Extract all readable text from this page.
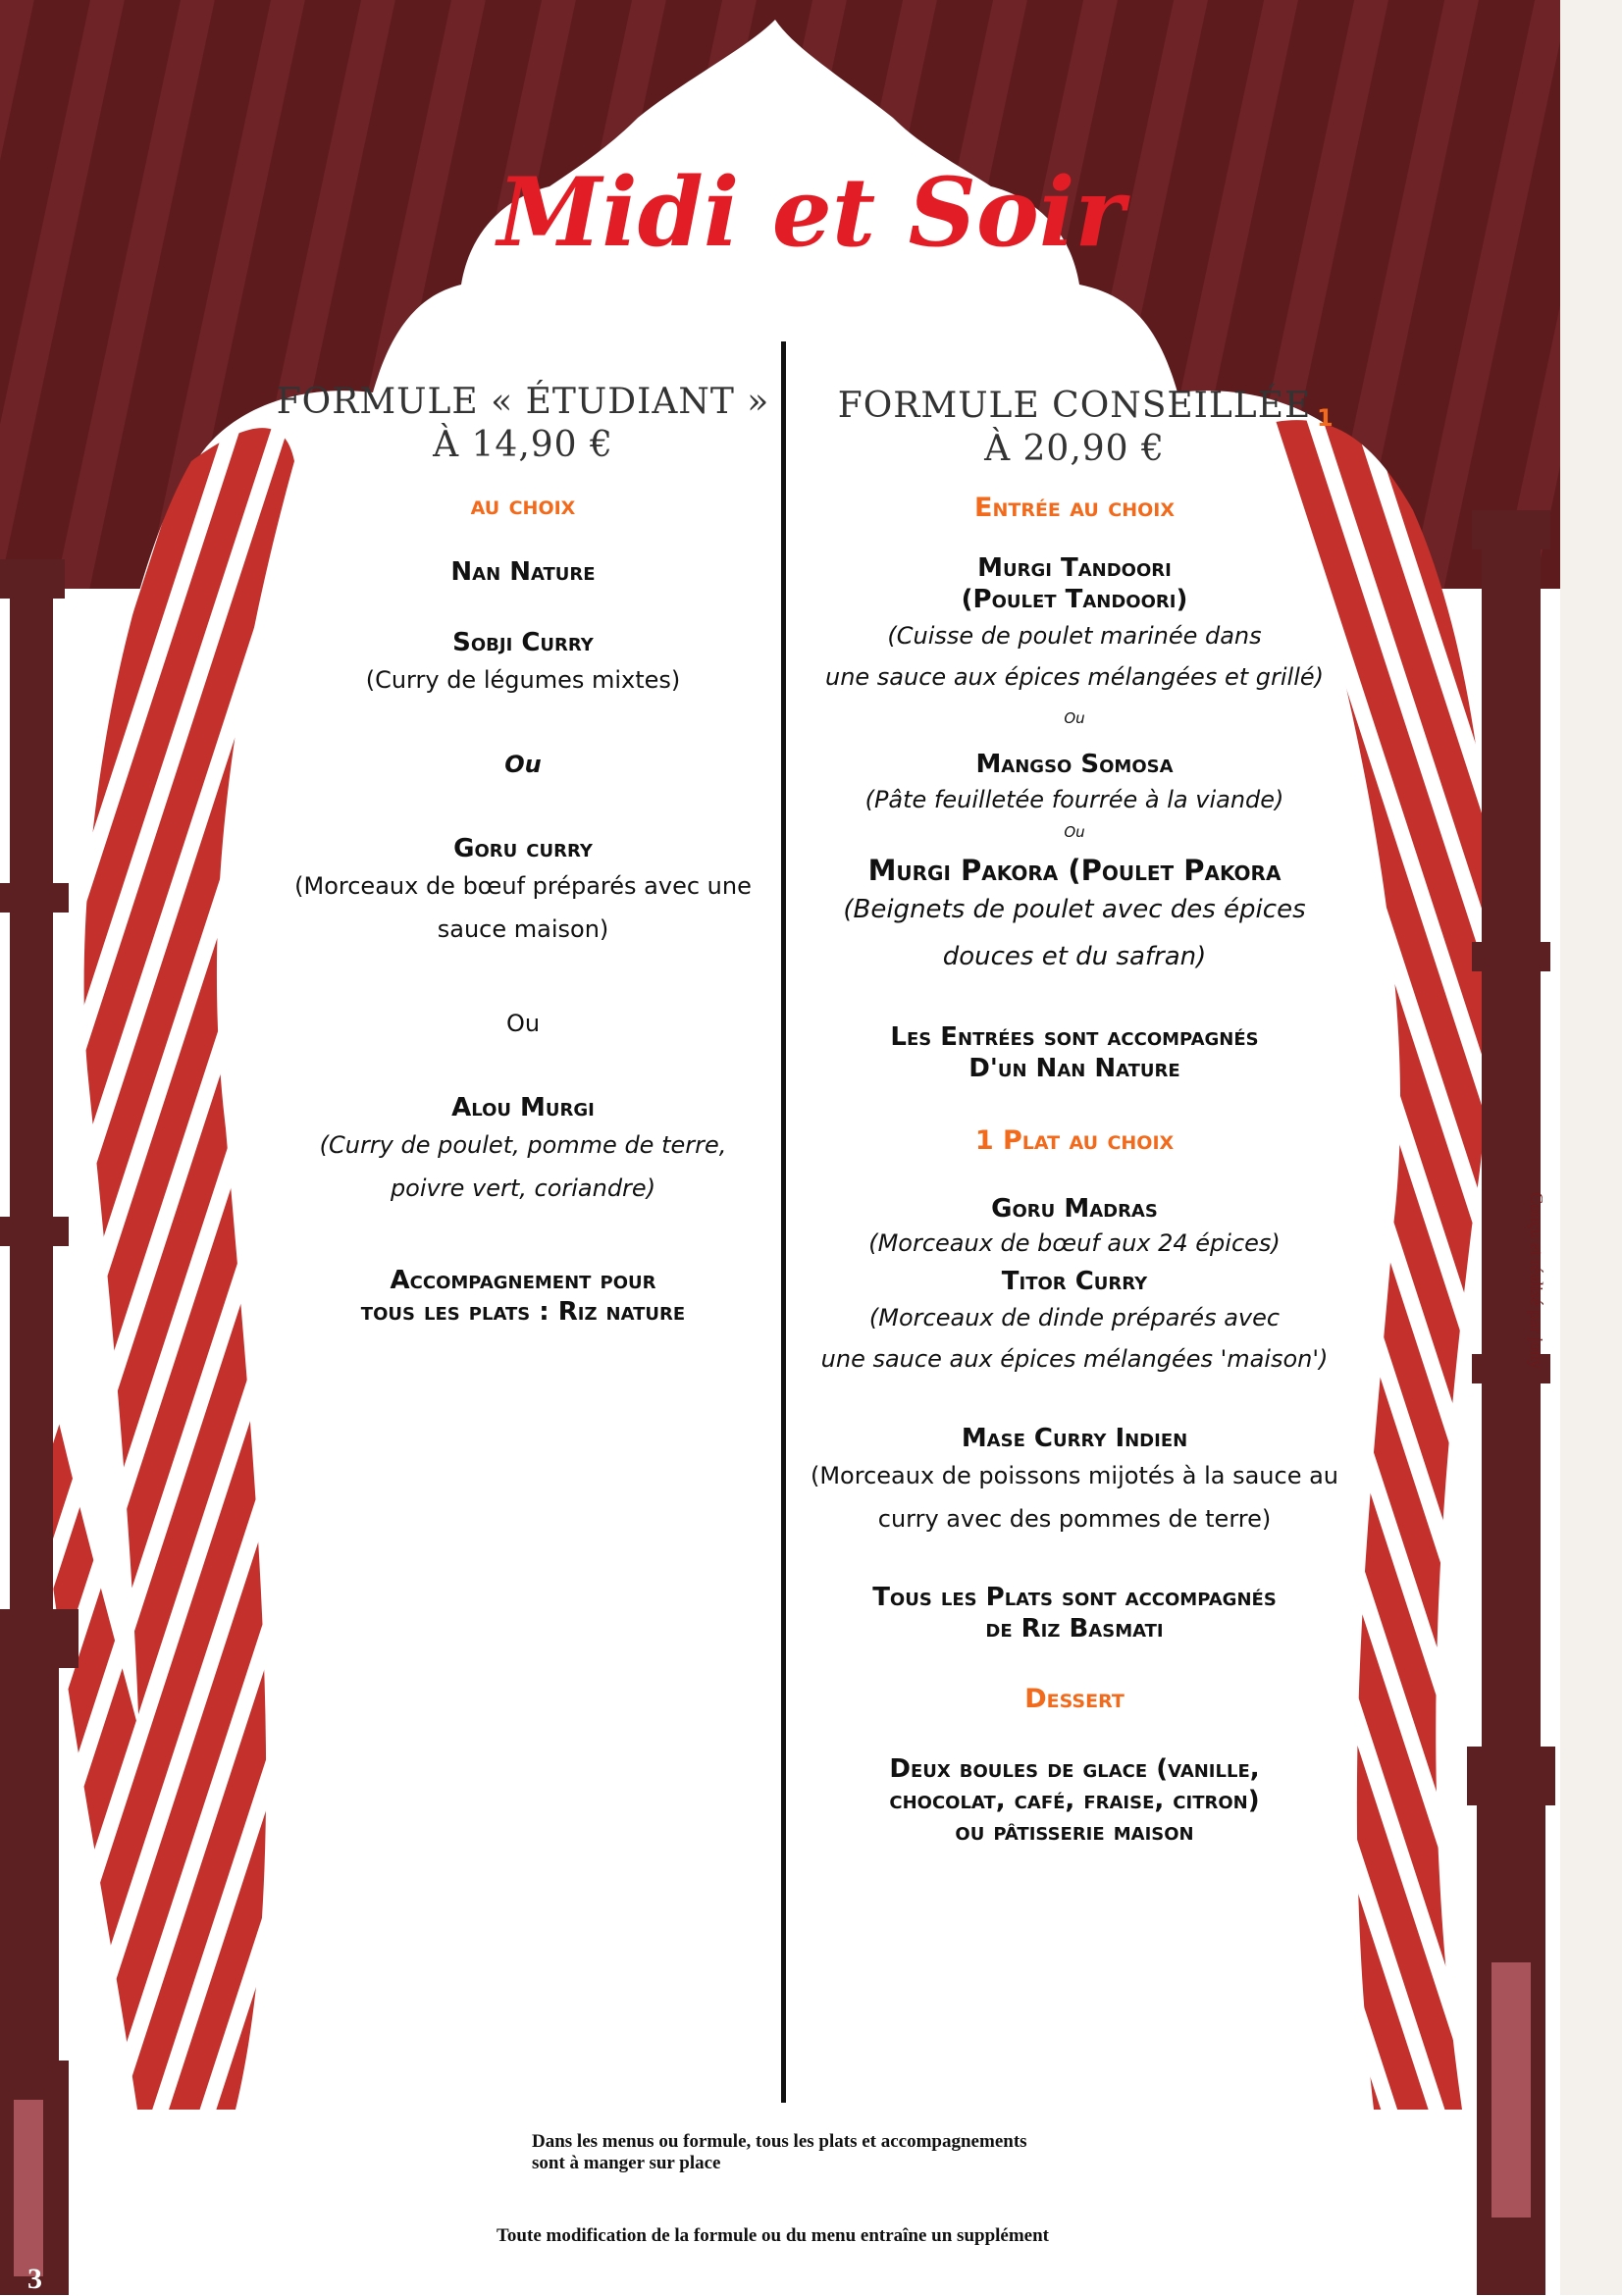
Midi et Soir
1
Conçu et réalisé par jony
FORMULE « ÉTUDIANT »
À 14,90 €
au choix
Nan Nature
Sobji Curry
(Curry de légumes mixtes)
Ou
Goru curry
(Morceaux de bœuf préparés avec une
sauce maison)
Ou
Alou Murgi
(Curry de poulet, pomme de terre,
poivre vert, coriandre)
Accompagnement pour
tous les plats : Riz nature
FORMULE CONSEILLÉE
À 20,90 €
Entrée au choix
Murgi Tandoori
(Poulet Tandoori)
(Cuisse de poulet marinée dans
une sauce aux épices mélangées et grillé)
Ou
Mangso Somosa
(Pâte feuilletée fourrée à la viande)
Ou
Murgi Pakora (Poulet Pakora
(Beignets de poulet avec des épices
douces et du safran)
Les Entrées sont accompagnés
D'un Nan Nature
1 Plat au choix
Goru Madras
(Morceaux de bœuf aux 24 épices)
Titor Curry
(Morceaux de dinde préparés avec
une sauce aux épices mélangées 'maison')
Mase Curry Indien
(Morceaux de poissons mijotés à la sauce au
curry avec des pommes de terre)
Tous les Plats sont accompagnés
de Riz Basmati
Dessert
Deux boules de glace (vanille,
chocolat, café, fraise, citron)
ou pâtisserie maison
Dans les menus ou formule, tous les plats et accompagnements
sont à manger sur place
Toute modification de la formule ou du menu entraîne un supplément
3
